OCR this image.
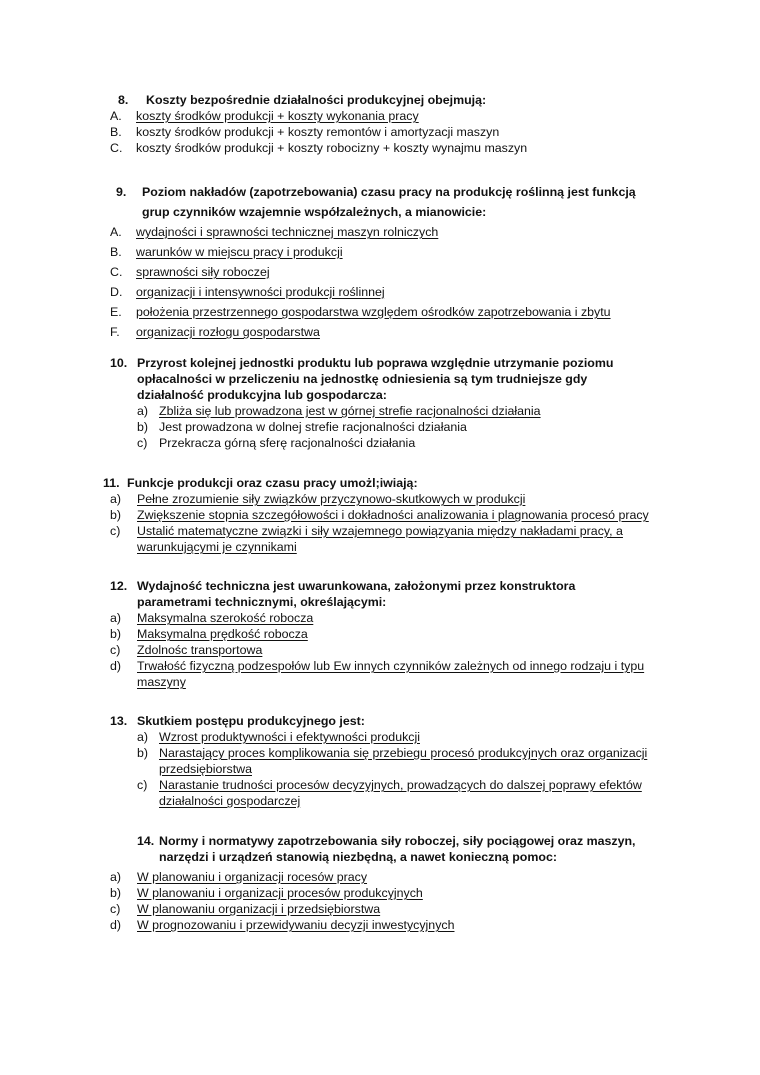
8.	Koszty bezpośrednie działalności produkcyjnej obejmują:
A.	koszty środków produkcji + koszty wykonania pracy
B.	koszty środków produkcji + koszty remontów i amortyzacji maszyn
C.	koszty środków produkcji + koszty robocizny + koszty wynajmu maszyn
9.	Poziom nakładów (zapotrzebowania) czasu pracy na produkcję roślinną jest funkcją grup czynników wzajemnie współzależnych, a mianowicie:
A.	wydajności i sprawności technicznej maszyn rolniczych
B.	warunków w miejscu pracy i produkcji
C.	sprawności siły roboczej
D.	organizacji i intensywności produkcji roślinnej
E.	położenia przestrzennego gospodarstwa względem ośrodków zapotrzebowania i zbytu
F.	organizacji rozłogu gospodarstwa
10. Przyrost kolejnej jednostki produktu lub poprawa względnie utrzymanie poziomu opłacalności w przeliczeniu na jednostkę odniesienia są tym trudniejsze gdy działalność produkcyjna lub gospodarcza:
a) Zbliża się lub prowadzona jest w górnej strefie racjonalności działania
b) Jest prowadzona w dolnej strefie racjonalności działania
c) Przekracza górną sferę racjonalności działania
11. Funkcje produkcji oraz czasu pracy umożl;iwiają:
a)	Pełne zrozumienie siły związków przyczynowo-skutkowych w produkcji
b)	Zwiększenie stopnia szczegółowości i dokładności analizowania i plagnowania procesó pracy
c)	Ustalić matematyczne związki i siły wzajemnego powiązyania między nakładami pracy, a warunkującymi je czynnikami
12. Wydajność techniczna jest uwarunkowana, założonymi przez konstruktora parametrami technicznymi, określającymi:
a)	Maksymalna szerokość robocza
b)	Maksymalna prędkość robocza
c)	Zdolnośc transportowa
d)	Trwałość fizyczną podzespołów lub Ew innych czynników zależnych od innego rodzaju i typu maszyny
13. Skutkiem postępu produkcyjnego jest:
a) Wzrost produktywności i efektywności produkcji
b) Narastający proces komplikowania się przebiegu procesó produkcyjnych oraz organizacji przedsiębiorstwa
c) Narastanie trudności procesów decyzyjnych, prowadzących do dalszej poprawy efektów działalności gospodarczej
14. Normy i normatywy zapotrzebowania siły roboczej, siły pociągowej oraz maszyn, narzędzi i urządzeń stanowią niezbędną, a nawet konieczną pomoc:
a)	W planowaniu i organizacji rocesów pracy
b)	W planowaniu i organizacji procesów produkcyjnych
c)	W planowaniu organizacji i przedsiębiorstwa
d)	W prognozowaniu i przewidywaniu decyzji inwestycyjnych
